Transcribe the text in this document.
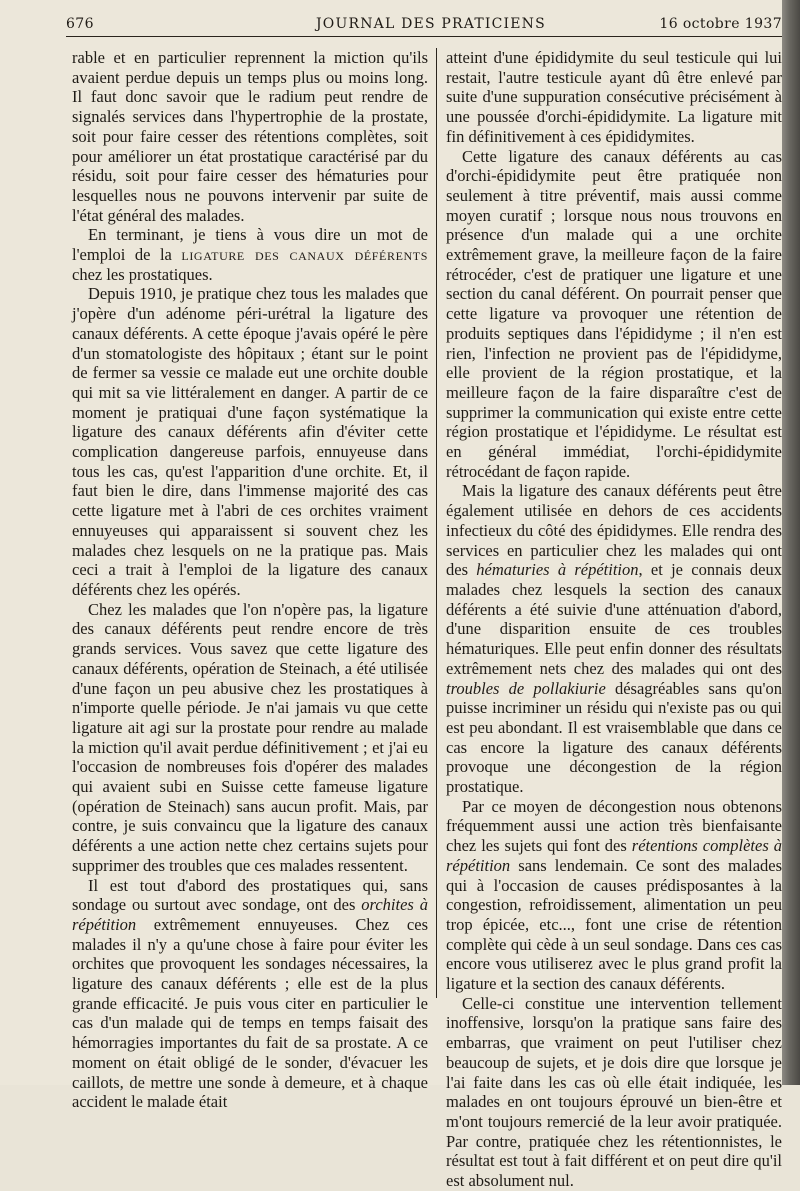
676	JOURNAL DES PRATICIENS	16 octobre 1937

rable et en particulier reprennent la miction qu'ils avaient perdue depuis un temps plus ou moins long. Il faut donc savoir que le radium peut rendre de signalés services dans l'hypertrophie de la prostate, soit pour faire cesser des rétentions complètes, soit pour améliorer un état prostatique caractérisé par du résidu, soit pour faire cesser des hématuries pour lesquelles nous ne pouvons intervenir par suite de l'état général des malades.

En terminant, je tiens à vous dire un mot de l'emploi de la ligature des canaux déférents chez les prostatiques.

Depuis 1910, je pratique chez tous les malades que j'opère d'un adénome péri-urétral la ligature des canaux déférents. A cette époque j'avais opéré le père d'un stomatologiste des hôpitaux ; étant sur le point de fermer sa vessie ce malade eut une orchite double qui mit sa vie littéralement en danger. A partir de ce moment je pratiquai d'une façon systématique la ligature des canaux déférents afin d'éviter cette complication dangereuse parfois, ennuyeuse dans tous les cas, qu'est l'apparition d'une orchite. Et, il faut bien le dire, dans l'immense majorité des cas cette ligature met à l'abri de ces orchites vraiment ennuyeuses qui apparaissent si souvent chez les malades chez lesquels on ne la pratique pas. Mais ceci a trait à l'emploi de la ligature des canaux déférents chez les opérés.

Chez les malades que l'on n'opère pas, la ligature des canaux déférents peut rendre encore de très grands services. Vous savez que cette ligature des canaux déférents, opération de Steinach, a été utilisée d'une façon un peu abusive chez les prostatiques à n'importe quelle période. Je n'ai jamais vu que cette ligature ait agi sur la prostate pour rendre au malade la miction qu'il avait perdue définitivement ; et j'ai eu l'occasion de nombreuses fois d'opérer des malades qui avaient subi en Suisse cette fameuse ligature (opération de Steinach) sans aucun profit. Mais, par contre, je suis convaincu que la ligature des canaux déférents a une action nette chez certains sujets pour supprimer des troubles que ces malades ressentent.

Il est tout d'abord des prostatiques qui, sans sondage ou surtout avec sondage, ont des orchites à répétition extrêmement ennuyeuses. Chez ces malades il n'y a qu'une chose à faire pour éviter les orchites que provoquent les sondages nécessaires, la ligature des canaux déférents ; elle est de la plus grande efficacité. Je puis vous citer en particulier le cas d'un malade qui de temps en temps faisait des hémorragies importantes du fait de sa prostate. A ce moment on était obligé de le sonder, d'évacuer les caillots, de mettre une sonde à demeure, et à chaque accident le malade était

atteint d'une épididymite du seul testicule qui lui restait, l'autre testicule ayant dû être enlevé par suite d'une suppuration consécutive précisément à une poussée d'orchi-épididymite. La ligature mit fin définitivement à ces épididymites.

Cette ligature des canaux déférents au cas d'orchi-épididymite peut être pratiquée non seulement à titre préventif, mais aussi comme moyen curatif ; lorsque nous nous trouvons en présence d'un malade qui a une orchite extrêmement grave, la meilleure façon de la faire rétrocéder, c'est de pratiquer une ligature et une section du canal déférent. On pourrait penser que cette ligature va provoquer une rétention de produits septiques dans l'épididyme ; il n'en est rien, l'infection ne provient pas de l'épididyme, elle provient de la région prostatique, et la meilleure façon de la faire disparaître c'est de supprimer la communication qui existe entre cette région prostatique et l'épididyme. Le résultat est en général immédiat, l'orchi-épididymite rétrocédant de façon rapide.

Mais la ligature des canaux déférents peut être également utilisée en dehors de ces accidents infectieux du côté des épididymes. Elle rendra des services en particulier chez les malades qui ont des hématuries à répétition, et je connais deux malades chez lesquels la section des canaux déférents a été suivie d'une atténuation d'abord, d'une disparition ensuite de ces troubles hématuriques. Elle peut enfin donner des résultats extrêmement nets chez des malades qui ont des troubles de pollakiurie désagréables sans qu'on puisse incriminer un résidu qui n'existe pas ou qui est peu abondant. Il est vraisemblable que dans ce cas encore la ligature des canaux déférents provoque une décongestion de la région prostatique.

Par ce moyen de décongestion nous obtenons fréquemment aussi une action très bienfaisante chez les sujets qui font des rétentions complètes à répétition sans lendemain. Ce sont des malades qui à l'occasion de causes prédisposantes à la congestion, refroidissement, alimentation un peu trop épicée, etc..., font une crise de rétention complète qui cède à un seul sondage. Dans ces cas encore vous utiliserez avec le plus grand profit la ligature et la section des canaux déférents.

Celle-ci constitue une intervention tellement inoffensive, lorsqu'on la pratique sans faire des embarras, que vraiment on peut l'utiliser chez beaucoup de sujets, et je dois dire que lorsque je l'ai faite dans les cas où elle était indiquée, les malades en ont toujours éprouvé un bien-être et m'ont toujours remercié de la leur avoir pratiquée. Par contre, pratiquée chez les rétentionnistes, le résultat est tout à fait différent et on peut dire qu'il est absolument nul.
